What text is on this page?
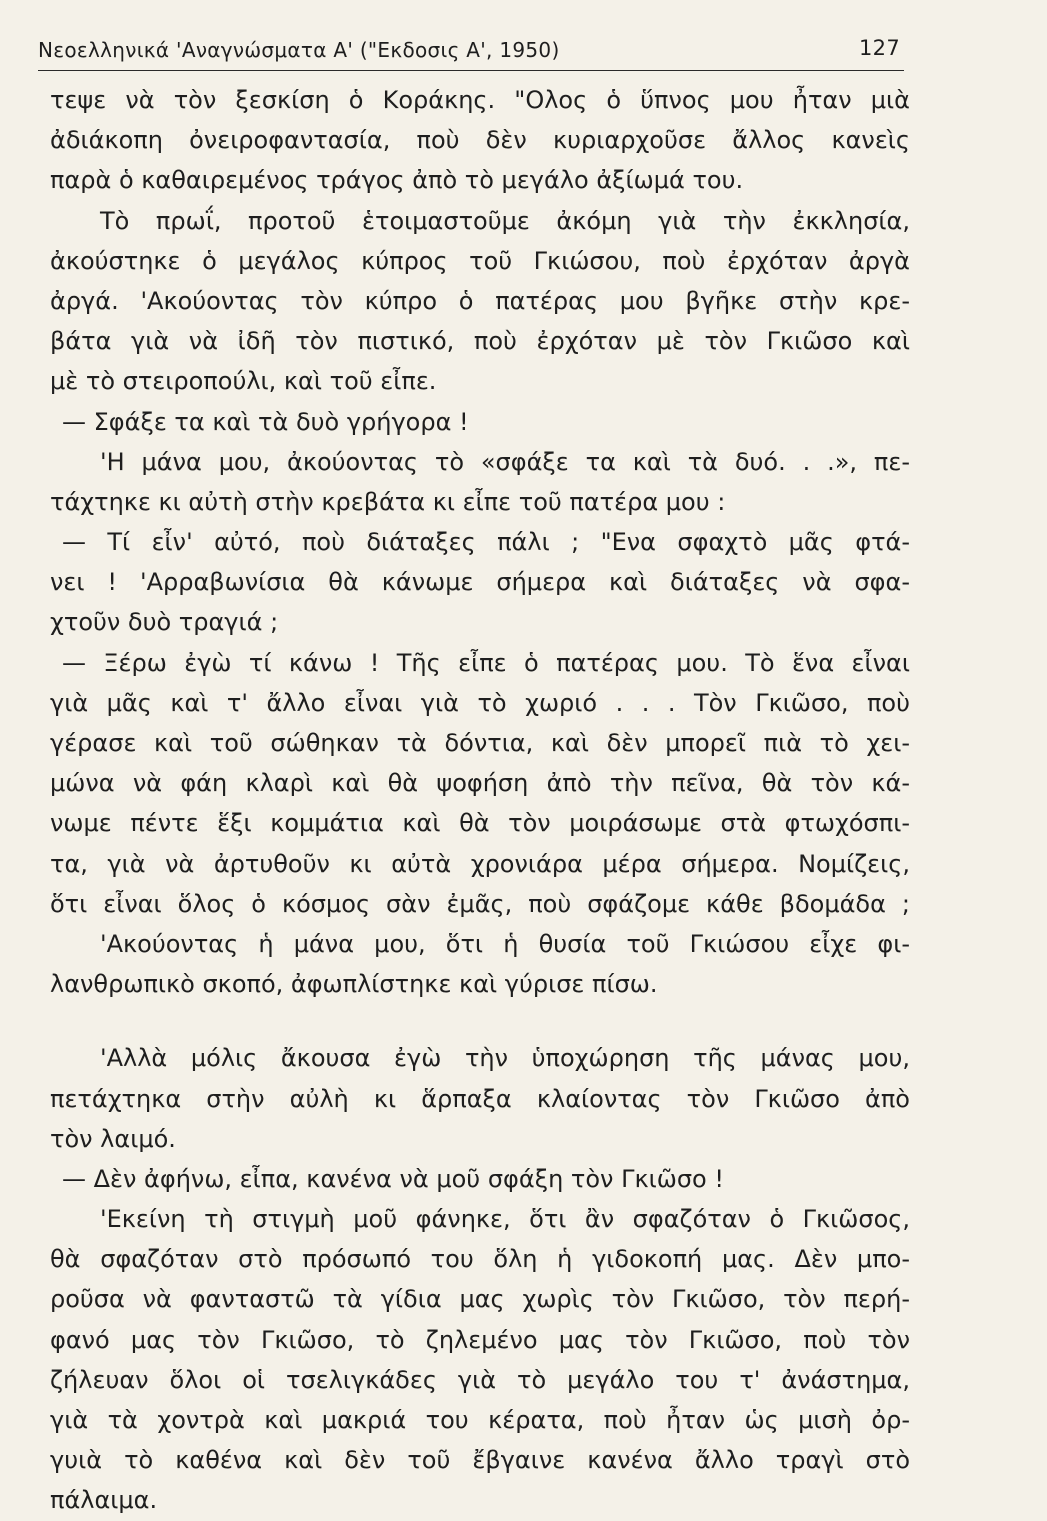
Νεοελληνικά 'Αναγνώσματα Α' ("Εκδοσις Α', 1950)	127
τεψε νὰ τὸν ξεσκίση ὁ Κοράκης. "Ολος ὁ ὕπνος μου ἦταν μιὰ
ἀδιάκοπη ὀνειροφαντασία, ποὺ δὲν κυριαρχοῦσε ἄλλος κανεὶς
παρὰ ὁ καθαιρεμένος τράγος ἀπὸ τὸ μεγάλο ἀξίωμά του.
Τὸ πρωΐ, προτοῦ ἑτοιμαστοῦμε ἀκόμη γιὰ τὴν ἐκκλησία,
ἀκούστηκε ὁ μεγάλος κύπρος τοῦ Γκιώσου, ποὺ ἐρχόταν ἀργὰ
ἀργά. 'Ακούοντας τὸν κύπρο ὁ πατέρας μου βγῆκε στὴν κρε-
βάτα γιὰ νὰ ἰδῆ τὸν πιστικό, ποὺ ἐρχόταν μὲ τὸν Γκιῶσο καὶ
μὲ τὸ στειροπούλι, καὶ τοῦ εἶπε.
— Σφάξε τα καὶ τὰ δυὸ γρήγορα !
'Η μάνα μου, ἀκούοντας τὸ «σφάξε τα καὶ τὰ δυό. . .», πε-
τάχτηκε κι αὐτὴ στὴν κρεβάτα κι εἶπε τοῦ πατέρα μου :
— Τί εἶν' αὐτό, ποὺ διάταξες πάλι ; "Ενα σφαχτὸ μᾶς φτά-
νει ! 'Αρραβωνίσια θὰ κάνωμε σήμερα καὶ διάταξες νὰ σφα-
χτοῦν δυὸ τραγιά ;
— Ξέρω ἐγὼ τί κάνω ! Τῆς εἶπε ὁ πατέρας μου. Τὸ ἕνα εἶναι
γιὰ μᾶς καὶ τ' ἄλλο εἶναι γιὰ τὸ χωριό . . . Τὸν Γκιῶσο, ποὺ
γέρασε καὶ τοῦ σώθηκαν τὰ δόντια, καὶ δὲν μπορεῖ πιὰ τὸ χει-
μώνα νὰ φάη κλαρὶ καὶ θὰ ψοφήση ἀπὸ τὴν πεῖνα, θὰ τὸν κά-
νωμε πέντε ἕξι κομμάτια καὶ θὰ τὸν μοιράσωμε στὰ φτωχόσπι-
τα, γιὰ νὰ ἀρτυθοῦν κι αὐτὰ χρονιάρα μέρα σήμερα. Νομίζεις,
ὅτι εἶναι ὅλος ὁ κόσμος σὰν ἐμᾶς, ποὺ σφάζομε κάθε βδομάδα ;
'Ακούοντας ἡ μάνα μου, ὅτι ἡ θυσία τοῦ Γκιώσου εἶχε φι-
λανθρωπικὸ σκοπό, ἀφωπλίστηκε καὶ γύρισε πίσω.
'Αλλὰ μόλις ἄκουσα ἐγὼ τὴν ὑποχώρηση τῆς μάνας μου,
πετάχτηκα στὴν αὐλὴ κι ἅρπαξα κλαίοντας τὸν Γκιῶσο ἀπὸ
τὸν λαιμό.
— Δὲν ἀφήνω, εἶπα, κανένα νὰ μοῦ σφάξη τὸν Γκιῶσο !
'Εκείνη τὴ στιγμὴ μοῦ φάνηκε, ὅτι ἂν σφαζόταν ὁ Γκιῶσος,
θὰ σφαζόταν στὸ πρόσωπό του ὅλη ἡ γιδοκοπή μας. Δὲν μπο-
ροῦσα νὰ φανταστῶ τὰ γίδια μας χωρὶς τὸν Γκιῶσο, τὸν περή-
φανό μας τὸν Γκιῶσο, τὸ ζηλεμένο μας τὸν Γκιῶσο, ποὺ τὸν
ζήλευαν ὅλοι οἱ τσελιγκάδες γιὰ τὸ μεγάλο του τ' ἀνάστημα,
γιὰ τὰ χοντρὰ καὶ μακριά του κέρατα, ποὺ ἦταν ὡς μισὴ ὀρ-
γυιὰ τὸ καθένα καὶ δὲν τοῦ ἔβγαινε κανένα ἄλλο τραγὶ στὸ
πάλαιμα.
